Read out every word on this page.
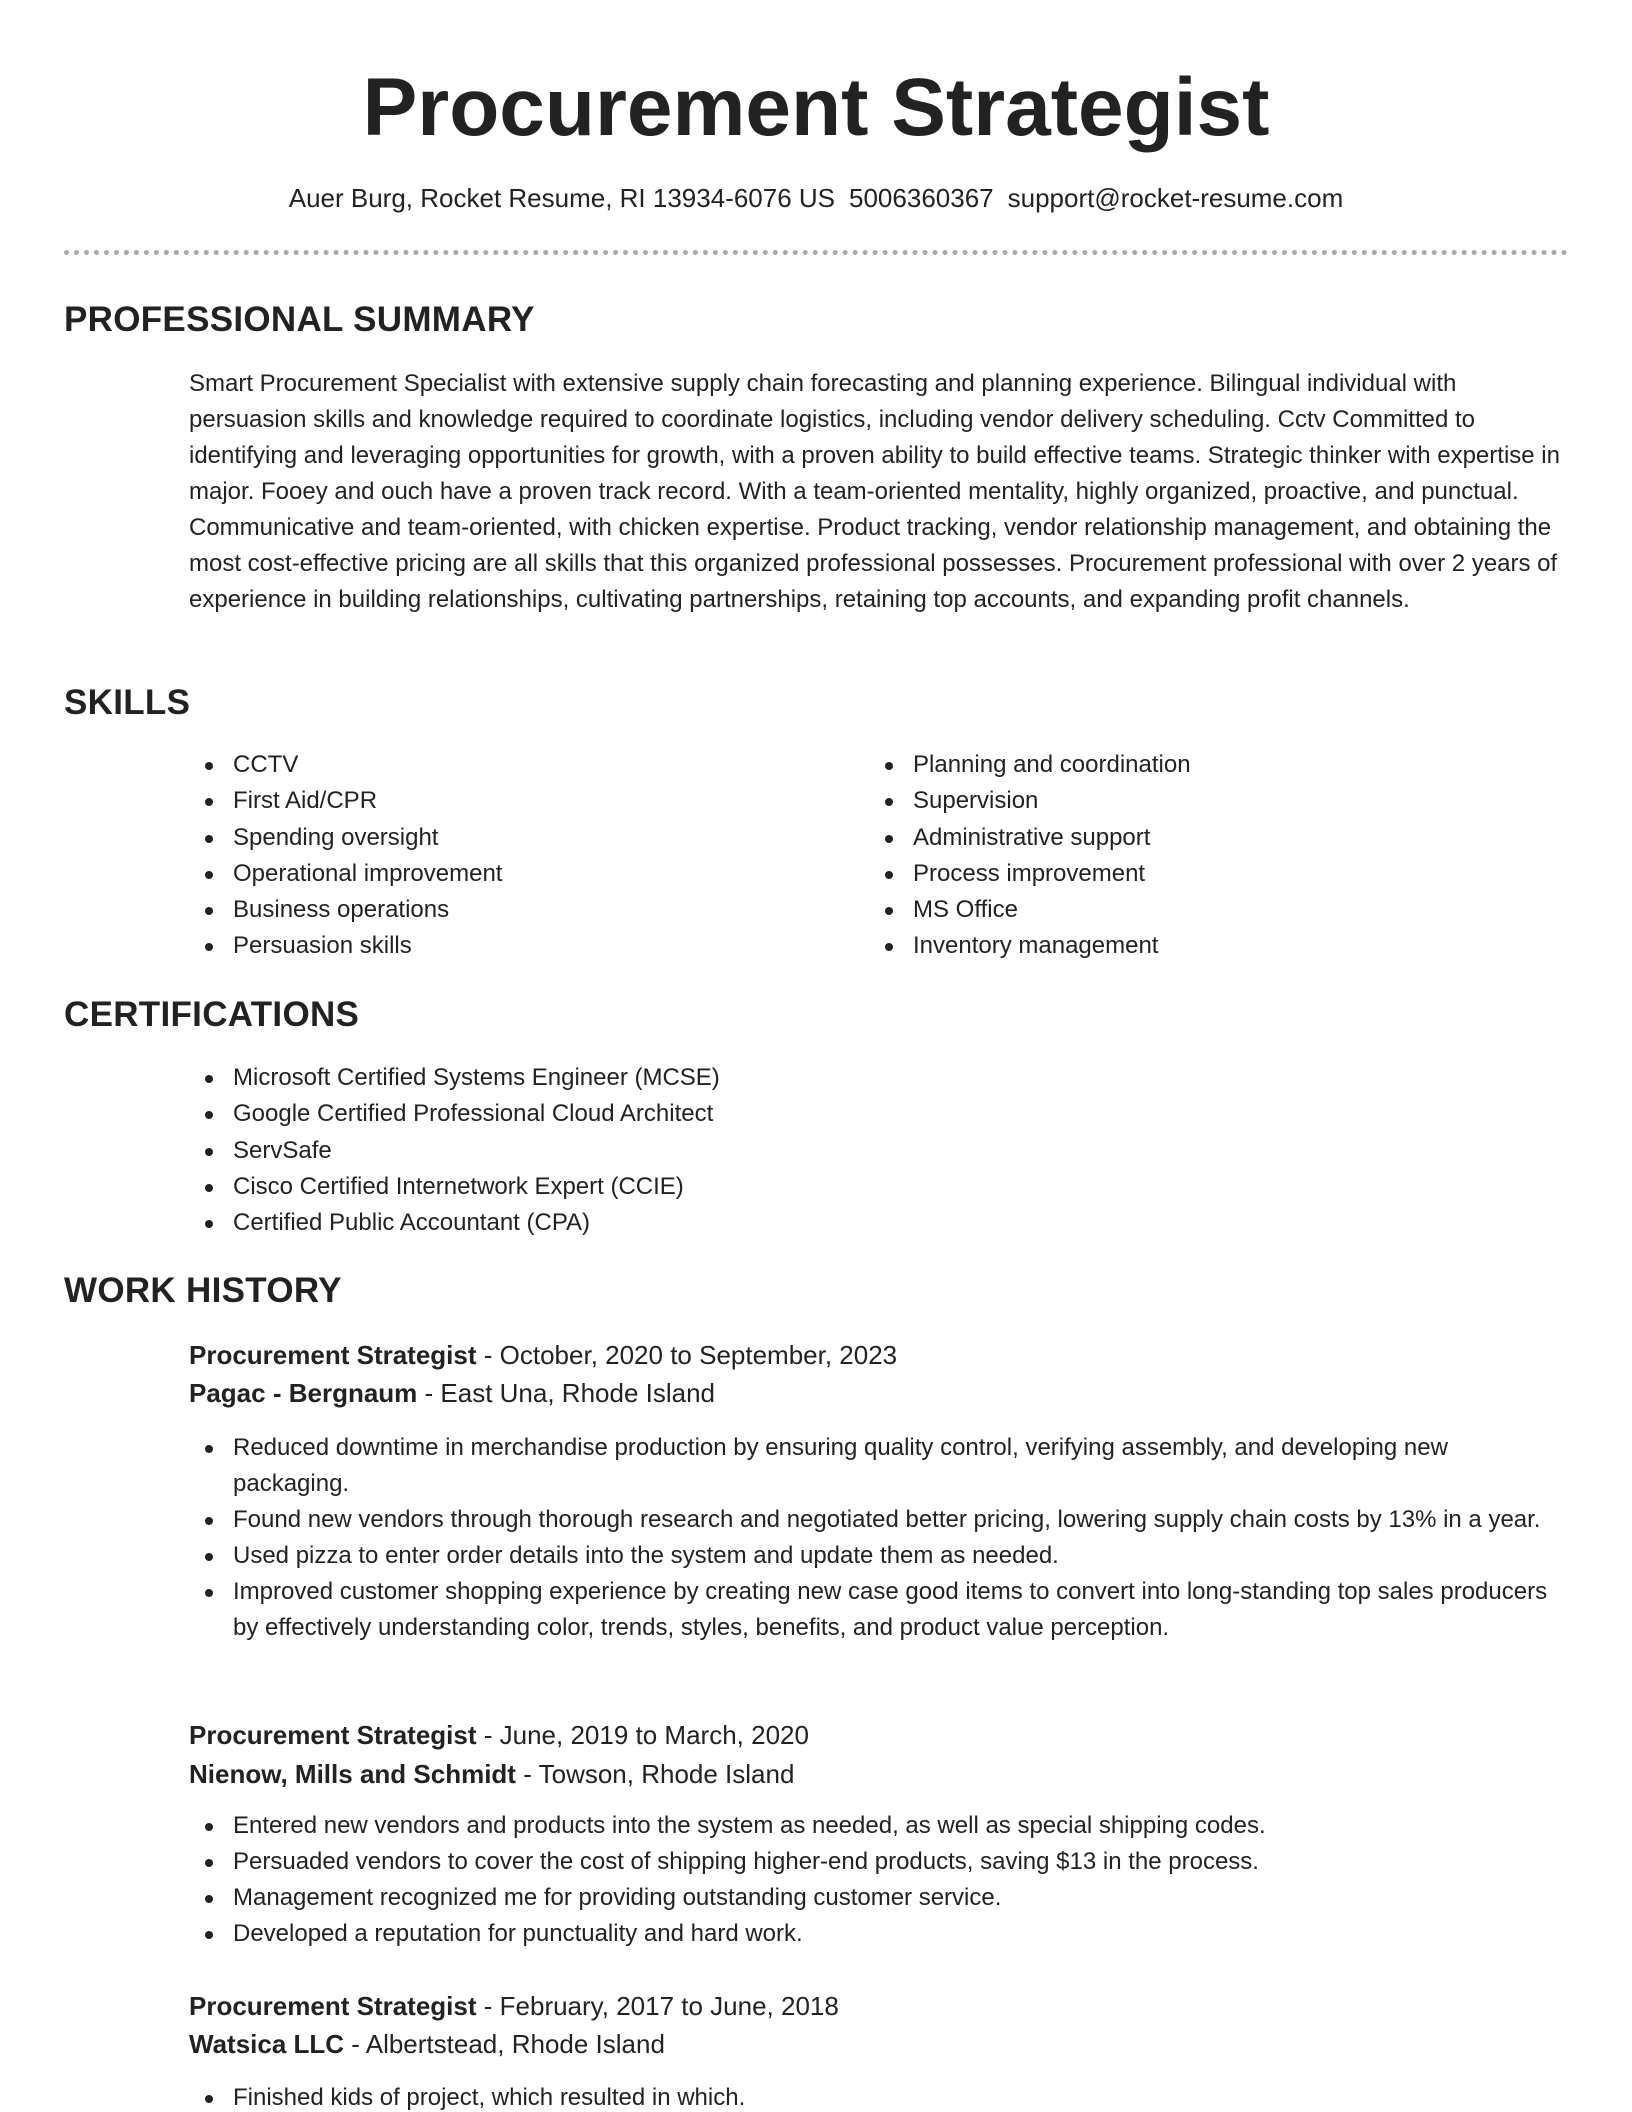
Procurement Strategist
Auer Burg, Rocket Resume, RI 13934-6076 US 5006360367 support@rocket-resume.com
PROFESSIONAL SUMMARY

Smart Procurement Specialist with extensive supply chain forecasting and planning experience. Bilingual individual with persuasion skills and knowledge required to coordinate logistics, including vendor delivery scheduling. Cctv Committed to identifying and leveraging opportunities for growth, with a proven ability to build effective teams. Strategic thinker with expertise in major. Fooey and ouch have a proven track record. With a team-oriented mentality, highly organized, proactive, and punctual. Communicative and team-oriented, with chicken expertise. Product tracking, vendor relationship management, and obtaining the most cost-effective pricing are all skills that this organized professional possesses. Procurement professional with over 2 years of experience in building relationships, cultivating partnerships, retaining top accounts, and expanding profit channels.

SKILLS
CCTV
First Aid/CPR
Spending oversight
Operational improvement
Business operations
Persuasion skills
Planning and coordination
Supervision
Administrative support
Process improvement
MS Office
Inventory management
CERTIFICATIONS
Microsoft Certified Systems Engineer (MCSE)
Google Certified Professional Cloud Architect
ServSafe
Cisco Certified Internetwork Expert (CCIE)
Certified Public Accountant (CPA)
WORK HISTORY
Procurement Strategist - October, 2020 to September, 2023
Pagac - Bergnaum - East Una, Rhode Island
Reduced downtime in merchandise production by ensuring quality control, verifying assembly, and developing new packaging.
Found new vendors through thorough research and negotiated better pricing, lowering supply chain costs by 13% in a year.
Used pizza to enter order details into the system and update them as needed.
Improved customer shopping experience by creating new case good items to convert into long-standing top sales producers by effectively understanding color, trends, styles, benefits, and product value perception.
Procurement Strategist - June, 2019 to March, 2020
Nienow, Mills and Schmidt - Towson, Rhode Island
Entered new vendors and products into the system as needed, as well as special shipping codes.
Persuaded vendors to cover the cost of shipping higher-end products, saving $13 in the process.
Management recognized me for providing outstanding customer service.
Developed a reputation for punctuality and hard work.
Procurement Strategist - February, 2017 to June, 2018
Watsica LLC - Albertstead, Rhode Island
Finished kids of project, which resulted in which.
